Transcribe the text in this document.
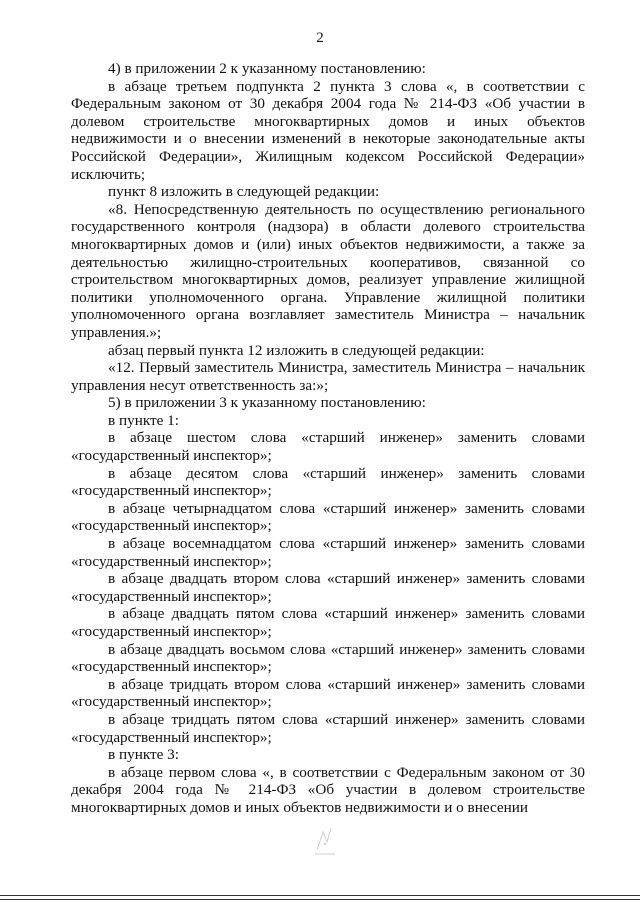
2

4) в приложении 2 к указанному постановлению:

в абзаце третьем подпункта 2 пункта 3 слова «, в соответствии с Федеральным законом от 30 декабря 2004 года № 214-ФЗ «Об участии в долевом строительстве многоквартирных домов и иных объектов недвижимости и о внесении изменений в некоторые законодательные акты Российской Федерации», Жилищным кодексом Российской Федерации» исключить;

пункт 8 изложить в следующей редакции:

«8. Непосредственную деятельность по осуществлению регионального государственного контроля (надзора) в области долевого строительства многоквартирных домов и (или) иных объектов недвижимости, а также за деятельностью жилищно-строительных кооперативов, связанной со строительством многоквартирных домов, реализует управление жилищной политики уполномоченного органа. Управление жилищной политики уполномоченного органа возглавляет заместитель Министра – начальник управления.»;

абзац первый пункта 12 изложить в следующей редакции:

«12. Первый заместитель Министра, заместитель Министра – начальник управления несут ответственность за:»;

5) в приложении 3 к указанному постановлению:

в пункте 1:

в абзаце шестом слова «старший инженер» заменить словами «государственный инспектор»;

в абзаце десятом слова «старший инженер» заменить словами «государственный инспектор»;

в абзаце четырнадцатом слова «старший инженер» заменить словами «государственный инспектор»;

в абзаце восемнадцатом слова «старший инженер» заменить словами «государственный инспектор»;

в абзаце двадцать втором слова «старший инженер» заменить словами «государственный инспектор»;

в абзаце двадцать пятом слова «старший инженер» заменить словами «государственный инспектор»;

в абзаце двадцать восьмом слова «старший инженер» заменить словами «государственный инспектор»;

в абзаце тридцать втором слова «старший инженер» заменить словами «государственный инспектор»;

в абзаце тридцать пятом слова «старший инженер» заменить словами «государственный инспектор»;

в пункте 3:

в абзаце первом слова «, в соответствии с Федеральным законом от 30 декабря 2004 года № 214-ФЗ «Об участии в долевом строительстве многоквартирных домов и иных объектов недвижимости и о внесении
